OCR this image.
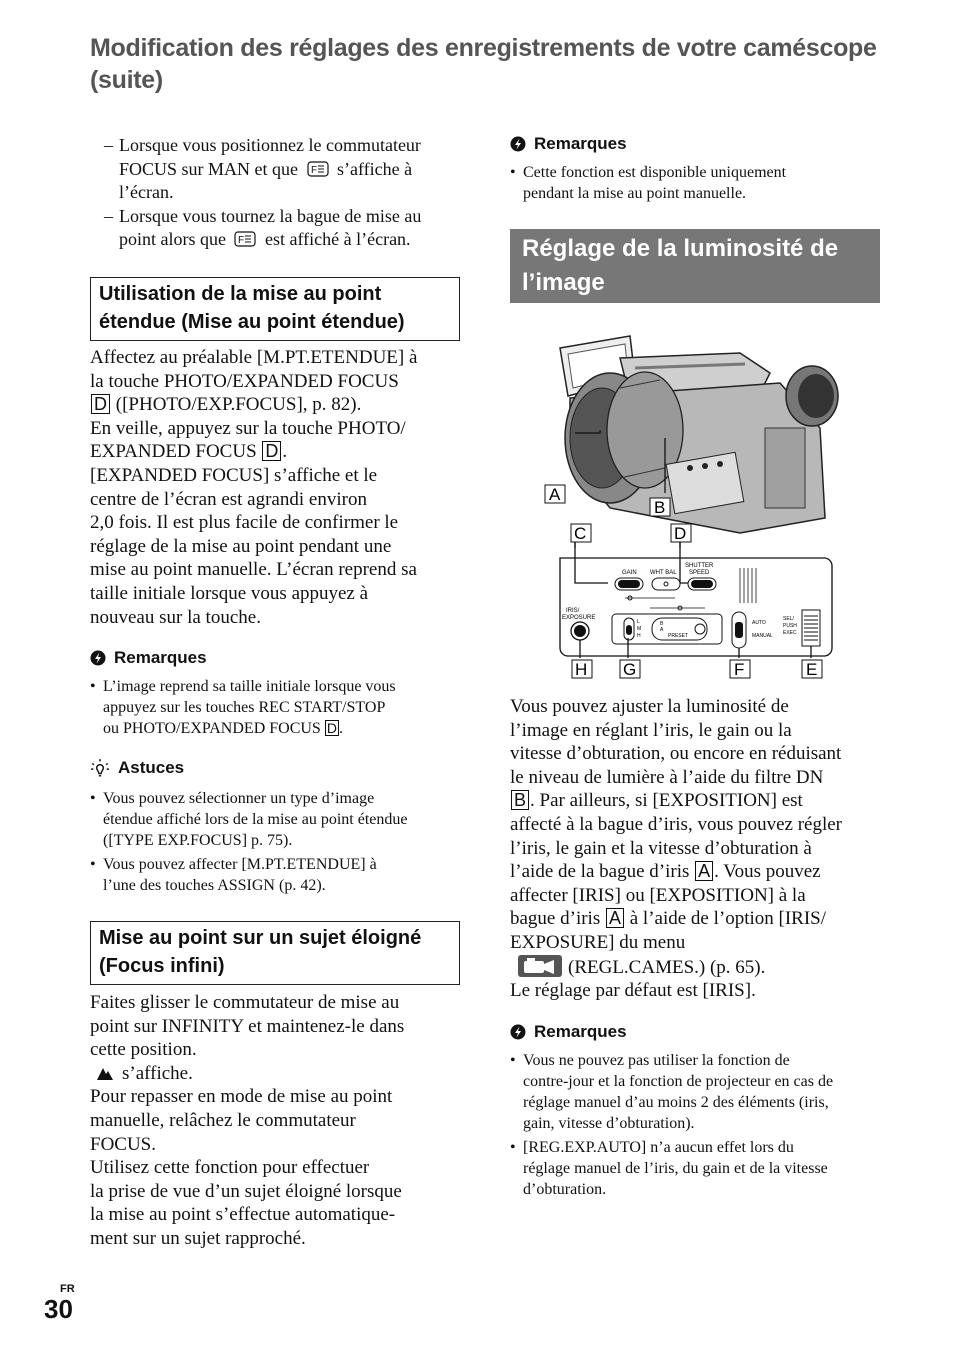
Modification des réglages des enregistrements de votre caméscope (suite)
– Lorsque vous positionnez le commutateur
FOCUS sur MAN et que F s’affiche à
l’écran.
– Lorsque vous tournez la bague de mise au
point alors que F est affiché à l’écran.
Utilisation de la mise au point
étendue (Mise au point étendue)
Affectez au préalable [M.PT.ETENDUE] à
la touche PHOTO/EXPANDED FOCUS
D ([PHOTO/EXP.FOCUS], p. 82).
En veille, appuyez sur la touche PHOTO/
EXPANDED FOCUS D .
[EXPANDED FOCUS] s’affiche et le
centre de l’écran est agrandi environ
2,0 fois. Il est plus facile de confirmer le
réglage de la mise au point pendant une
mise au point manuelle. L’écran reprend sa
taille initiale lorsque vous appuyez à
nouveau sur la touche.
Remarques
• L’image reprend sa taille initiale lorsque vous
appuyez sur les touches REC START/STOP
ou PHOTO/EXPANDED FOCUS D .
Astuces
• Vous pouvez sélectionner un type d’image
étendue affiché lors de la mise au point étendue
([TYPE EXP.FOCUS] p. 75).
• Vous pouvez affecter [M.PT.ETENDUE] à
l’une des touches ASSIGN (p. 42).
Mise au point sur un sujet éloigné
(Focus infini)
Faites glisser le commutateur de mise au
point sur INFINITY et maintenez-le dans
cette position.
s’affiche.
Pour repasser en mode de mise au point
manuelle, relâchez le commutateur
FOCUS.
Utilisez cette fonction pour effectuer
la prise de vue d’un sujet éloigné lorsque
la mise au point s’effectue automatique-
ment sur un sujet rapproché.
Remarques
• Cette fonction est disponible uniquement
pendant la mise au point manuelle.
Réglage de la luminosité de
l’image
A
B
C	D
GAIN WHT BAL
SHUTTER
SPEED
IRIS/
EXPOSURE
L
M
H
B
A
PRESET
AUTO
MANUAL
SEL/
PUSH
EXEC
H G	F	E
Vous pouvez ajuster la luminosité de
l’image en réglant l’iris, le gain ou la
vitesse d’obturation, ou encore en réduisant
le niveau de lumière à l’aide du filtre DN
B . Par ailleurs, si [EXPOSITION] est
affecté à la bague d’iris, vous pouvez régler
l’iris, le gain et la vitesse d’obturation à
l’aide de la bague d’iris A . Vous pouvez
affecter [IRIS] ou [EXPOSITION] à la
bague d’iris A à l’aide de l’option [IRIS/
EXPOSURE] du menu
(REGL.CAMES.) (p. 65).
Le réglage par défaut est [IRIS].
Remarques
• Vous ne pouvez pas utiliser la fonction de
contre-jour et la fonction de projecteur en cas de
réglage manuel d’au moins 2 des éléments (iris,
gain, vitesse d’obturation).
• [REG.EXP.AUTO] n’a aucun effet lors du
réglage manuel de l’iris, du gain et de la vitesse
d’obturation.
FR
30
